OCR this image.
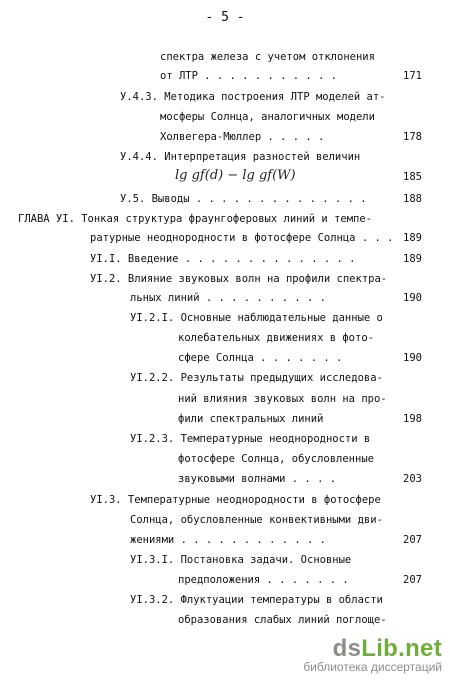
- 5 -
спектра железа с учетом отклонения
от ЛТР . . . . . . . . . . .	171
У.4.3. Методика построения ЛТР моделей ат-
мосферы Солнца, аналогичных модели
Холвегера-Мюллер . . . . .	178
У.4.4. Интерпретация разностей величин
lg gf(d) − lg gf(W)	185
У.5. Выводы . . . . . . . . . . . . . .	188
ГЛАВА УI. Тонкая структура фраунгоферовых линий и темпе-
ратурные неоднородности в фотосфере Солнца . . . 189
УI.I. Введение . . . . . . . . . . . . . .	189
УI.2. Влияние звуковых волн на профили спектра-
льных линий . . . . . . . . . .	190
УI.2.I. Основные наблюдательные данные о
колебательных движениях в фото-
сфере Солнца . . . . . . .	190
УI.2.2. Результаты предыдущих исследова-
ний влияния звуковых волн на про-
фили спектральных линий	198
УI.2.3. Температурные неоднородности в
фотосфере Солнца, обусловленные
звуковыми волнами . . . .	203
УI.3. Температурные неоднородности в фотосфере
Солнца, обусловленные конвективными дви-
жениями . . . . . . . . . . . .	207
УI.3.I. Постановка задачи. Основные
предположения . . . . . . .	207
УI.3.2. Флуктуации температуры в области
образования слабых линий поглоще-
dsLib.net
библиотека диссертаций
